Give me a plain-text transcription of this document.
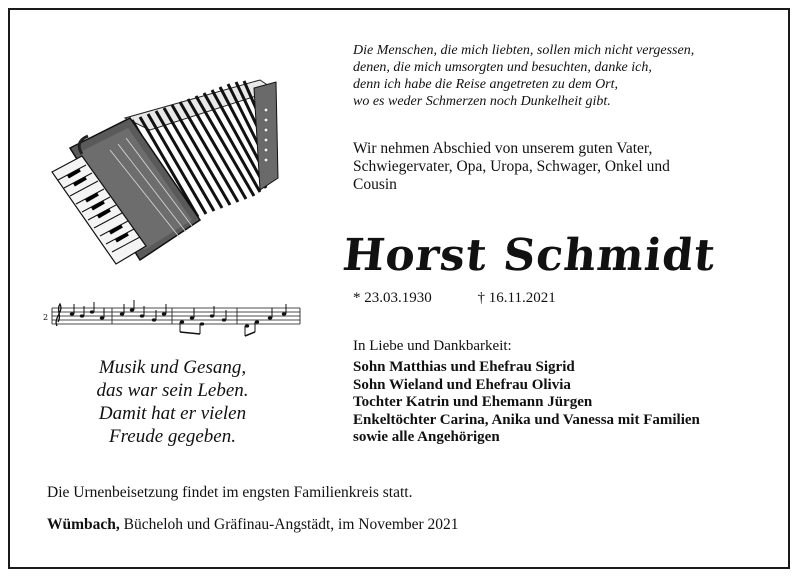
2
Die Menschen, die mich liebten, sollen mich nicht vergessen,
denen, die mich umsorgten und besuchten, danke ich,
denn ich habe die Reise angetreten zu dem Ort,
wo es weder Schmerzen noch Dunkelheit gibt.
Wir nehmen Abschied von unserem guten Vater,
Schwiegervater, Opa, Uropa, Schwager, Onkel und
Cousin
Horst Schmidt
* 23.03.1930	† 16.11.2021
In Liebe und Dankbarkeit:
Sohn Matthias und Ehefrau Sigrid
Sohn Wieland und Ehefrau Olivia
Tochter Katrin und Ehemann Jürgen
Enkeltöchter Carina, Anika und Vanessa mit Familien
sowie alle Angehörigen
Musik und Gesang,
das war sein Leben.
Damit hat er vielen
Freude gegeben.
Die Urnenbeisetzung findet im engsten Familienkreis statt.
Wümbach, Bücheloh und Gräfinau-Angstädt, im November 2021
